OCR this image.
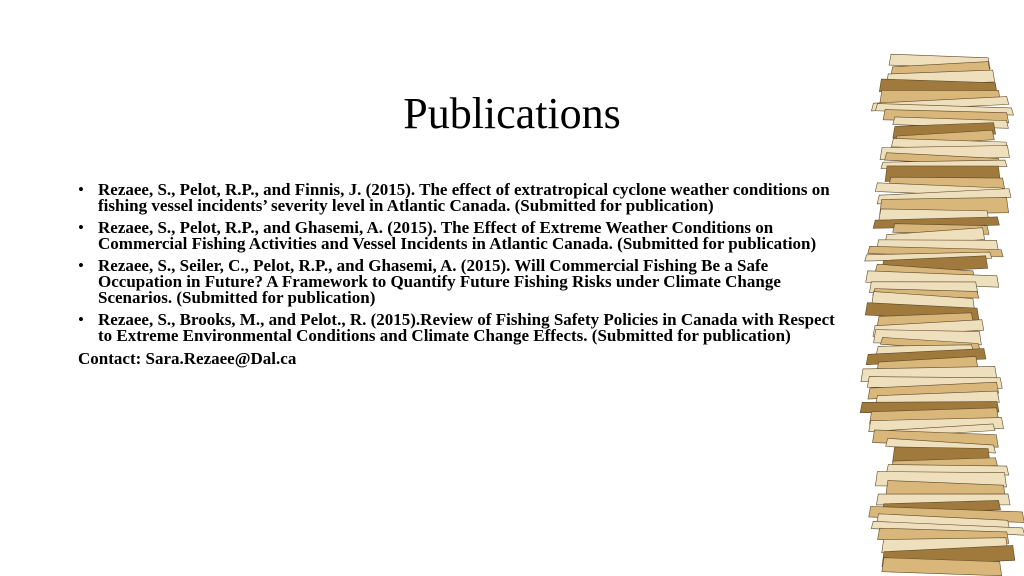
Publications
• Rezaee, S., Pelot, R.P., and Finnis, J. (2015). The effect of extratropical cyclone weather conditions on fishing vessel incidents’ severity level in Atlantic Canada. (Submitted for publication)
• Rezaee, S., Pelot, R.P., and Ghasemi, A. (2015). The Effect of Extreme Weather Conditions on Commercial Fishing Activities and Vessel Incidents in Atlantic Canada. (Submitted for publication)
• Rezaee, S., Seiler, C., Pelot, R.P., and Ghasemi, A. (2015). Will Commercial Fishing Be a Safe Occupation in Future? A Framework to Quantify Future Fishing Risks under Climate Change Scenarios. (Submitted for publication)
• Rezaee, S., Brooks, M., and Pelot., R. (2015).Review of Fishing Safety Policies in Canada with Respect to Extreme Environmental Conditions and Climate Change Effects. (Submitted for publication)
Contact: Sara.Rezaee@Dal.ca
